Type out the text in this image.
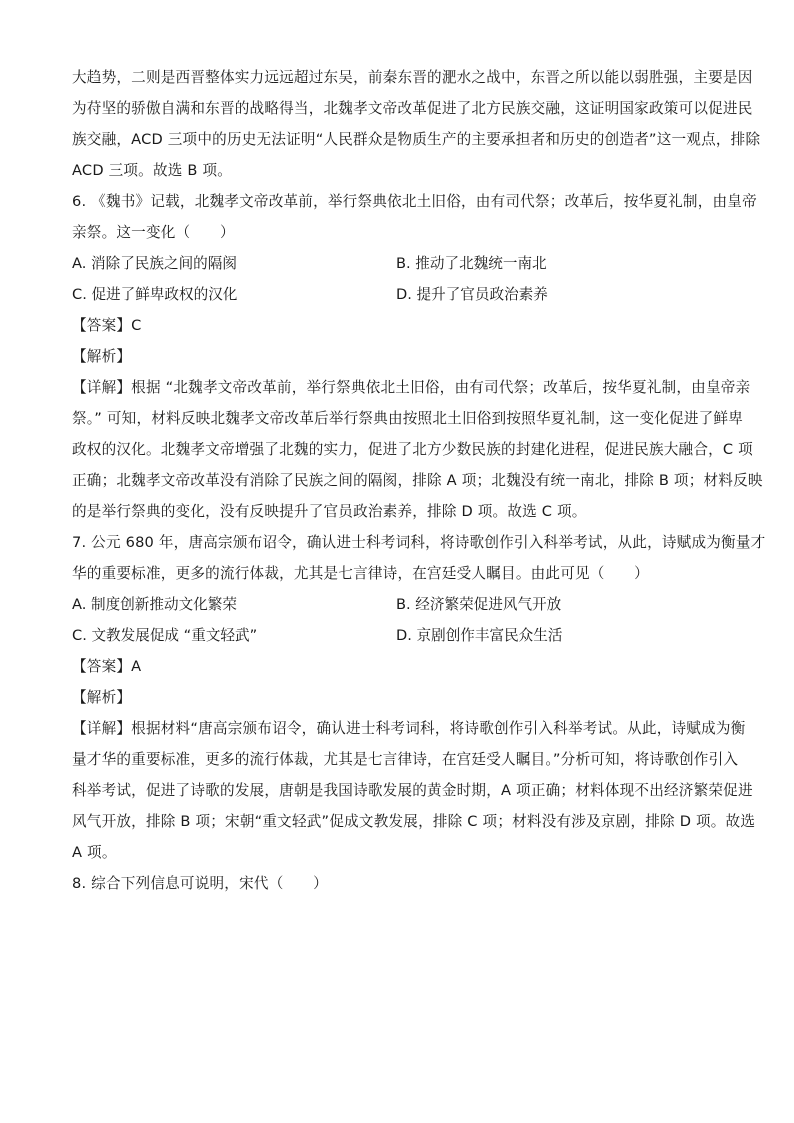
大趋势，二则是西晋整体实力远远超过东吴，前秦东晋的淝水之战中，东晋之所以能以弱胜强，主要是因
为苻坚的骄傲自满和东晋的战略得当，北魏孝文帝改革促进了北方民族交融，这证明国家政策可以促进民
族交融，ACD 三项中的历史无法证明“人民群众是物质生产的主要承担者和历史的创造者”这一观点，排除
ACD 三项。故选 B 项。
6. 《魏书》记载，北魏孝文帝改革前，举行祭典依北土旧俗，由有司代祭；改革后，按华夏礼制，由皇帝
亲祭。这一变化（　　）
A. 消除了民族之间的隔阂	B. 推动了北魏统一南北
C. 促进了鲜卑政权的汉化	D. 提升了官员政治素养
【答案】C
【解析】
【详解】根据 “北魏孝文帝改革前，举行祭典依北土旧俗，由有司代祭；改革后，按华夏礼制，由皇帝亲
祭。” 可知，材料反映北魏孝文帝改革后举行祭典由按照北土旧俗到按照华夏礼制，这一变化促进了鲜卑
政权的汉化。北魏孝文帝增强了北魏的实力，促进了北方少数民族的封建化进程，促进民族大融合，C 项
正确；北魏孝文帝改革没有消除了民族之间的隔阂，排除 A 项；北魏没有统一南北，排除 B 项；材料反映
的是举行祭典的变化，没有反映提升了官员政治素养，排除 D 项。故选 C 项。
7. 公元 680 年，唐高宗颁布诏令，确认进士科考词科，将诗歌创作引入科举考试，从此，诗赋成为衡量才
华的重要标准，更多的流行体裁，尤其是七言律诗，在宫廷受人瞩目。由此可见（　　）
A. 制度创新推动文化繁荣	B. 经济繁荣促进风气开放
C. 文教发展促成 “重文轻武”	D. 京剧创作丰富民众生活
【答案】A
【解析】
【详解】根据材料“唐高宗颁布诏令，确认进士科考词科，将诗歌创作引入科举考试。从此，诗赋成为衡
量才华的重要标准，更多的流行体裁，尤其是七言律诗，在宫廷受人瞩目。”分析可知，将诗歌创作引入
科举考试，促进了诗歌的发展，唐朝是我国诗歌发展的黄金时期，A 项正确；材料体现不出经济繁荣促进
风气开放，排除 B 项；宋朝“重文轻武”促成文教发展，排除 C 项；材料没有涉及京剧，排除 D 项。故选
A 项。
8. 综合下列信息可说明，宋代（　　）
